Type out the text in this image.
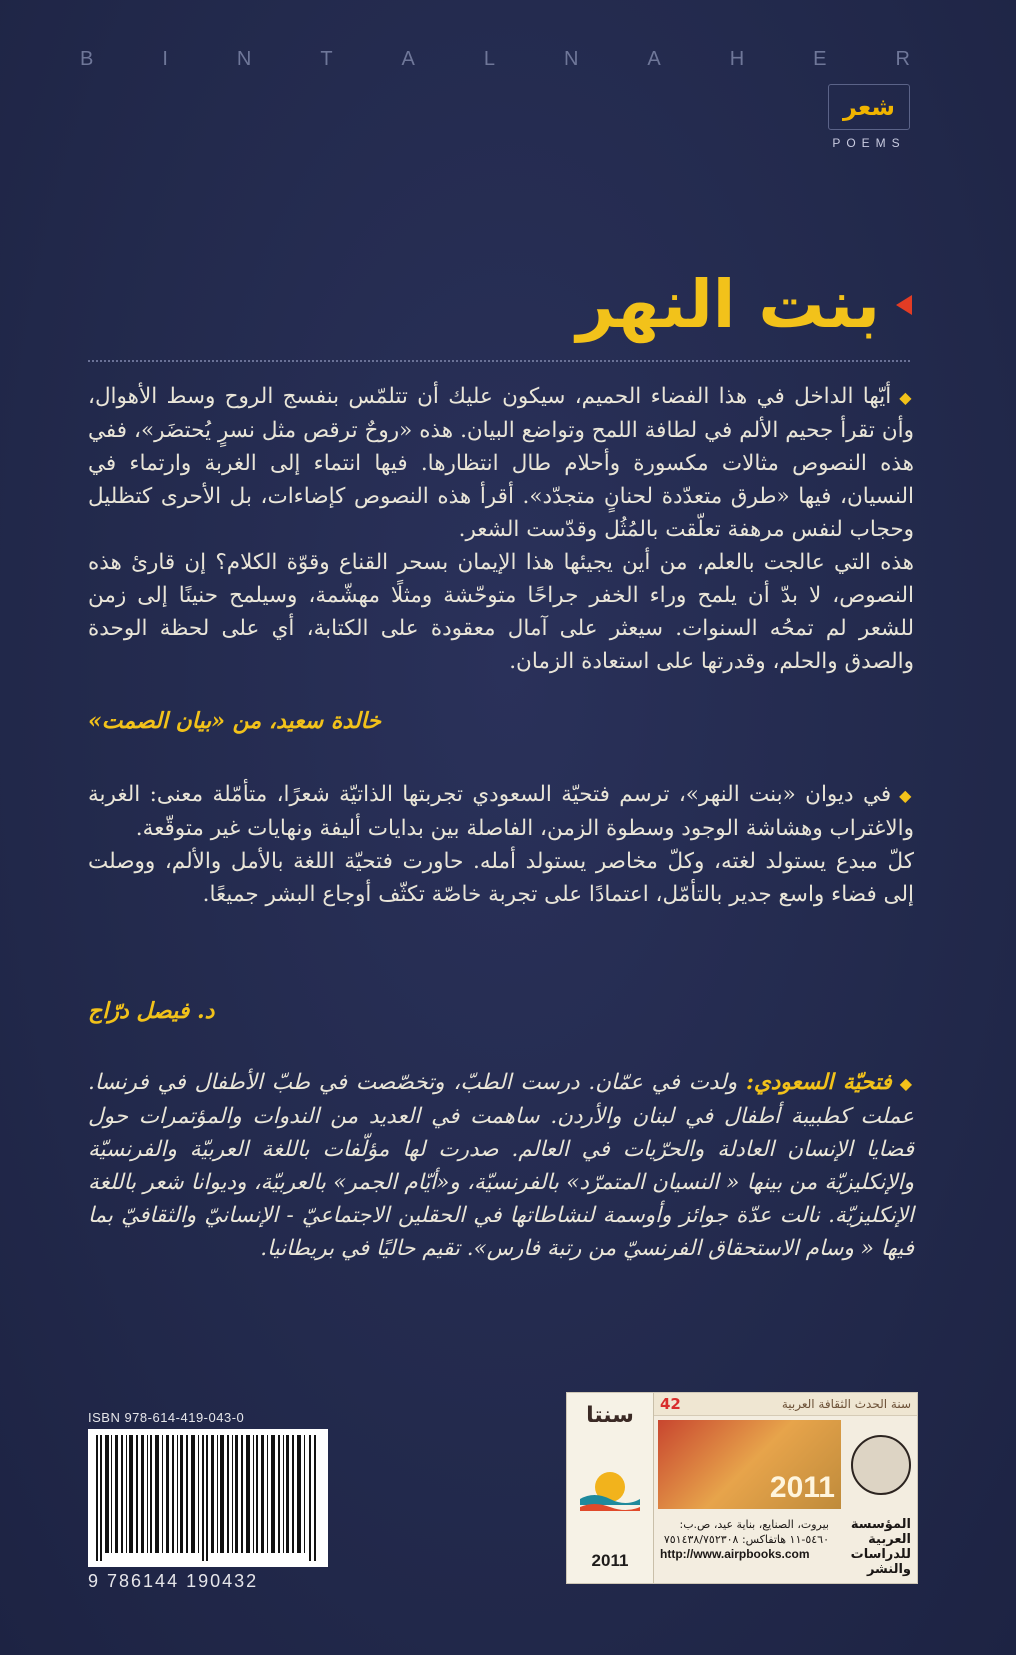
B	I	N	T	A	L	N	A	H	E	R
شعر
POEMS
بنت النهر

◆أيّها الداخل في هذا الفضاء الحميم، سيكون عليك أن تتلمّس بنفسج الروح وسط الأهوال، وأن تقرأ جحيم الألم في لطافة اللمح وتواضع البيان. هذه «روحٌ ترقص مثل نسرٍ يُحتضَر»، ففي هذه النصوص مثالات مكسورة وأحلام طال انتظارها. فيها انتماء إلى الغربة وارتماء في النسيان، فيها «طرق متعدّدة لحنانٍ متجدّد». أقرأ هذه النصوص كإضاءات، بل الأحرى كتظليل وحجاب لنفس مرهفة تعلّقت بالمُثُل وقدّست الشعر.

هذه التي عالجت بالعلم، من أين يجيئها هذا الإيمان بسحر القناع وقوّة الكلام؟ إن قارئ هذه النصوص، لا بدّ أن يلمح وراء الخفر جراحًا متوحّشة ومثلًا مهشّمة، وسيلمح حنينًا إلى زمن للشعر لم تمحُه السنوات. سيعثر على آمال معقودة على الكتابة، أي على لحظة الوحدة والصدق والحلم، وقدرتها على استعادة الزمان.

خالدة سعيد، من «بيان الصمت»

◆في ديوان «بنت النهر»، ترسم فتحيّة السعودي تجربتها الذاتيّة شعرًا، متأمّلة معنى: الغربة والاغتراب وهشاشة الوجود وسطوة الزمن، الفاصلة بين بدايات أليفة ونهايات غير متوقّعة.

كلّ مبدع يستولد لغته، وكلّ مخاصر يستولد أمله. حاورت فتحيّة اللغة بالأمل والألم، ووصلت إلى فضاء واسع جدير بالتأمّل، اعتمادًا على تجربة خاصّة تكثّف أوجاع البشر جميعًا.

د. فيصل درّاج

◆فتحيّة السعودي: ولدت في عمّان. درست الطبّ، وتخصّصت في طبّ الأطفال في فرنسا. عملت كطبيبة أطفال في لبنان والأردن. ساهمت في العديد من الندوات والمؤتمرات حول قضايا الإنسان العادلة والحرّيات في العالم. صدرت لها مؤلّفات باللغة العربيّة والفرنسيّة والإنكليزيّة من بينها « النسيان المتمرّد» بالفرنسيّة، و«أيّام الجمر» بالعربيّة، وديوانا شعر باللغة الإنكليزيّة. نالت عدّة جوائز وأوسمة لنشاطاتها في الحقلين الاجتماعيّ - الإنسانيّ والثقافيّ بما فيها « وسام الاستحقاق الفرنسيّ من رتبة فارس». تقيم حاليًا في بريطانيا.

ISBN 978-614-419-043-0
9 786144 190432
سنتا
2011
42	سنة الحدث الثقافة العربية
2011
المؤسسة العربية للدراسات والنشر
بيروت، الصنايع، بناية عيد، ص.ب: ٥٤٦٠-١١ هاتفاكس: ٧٥١٤٣٨/٧٥٢٣٠٨
http://www.airpbooks.com
